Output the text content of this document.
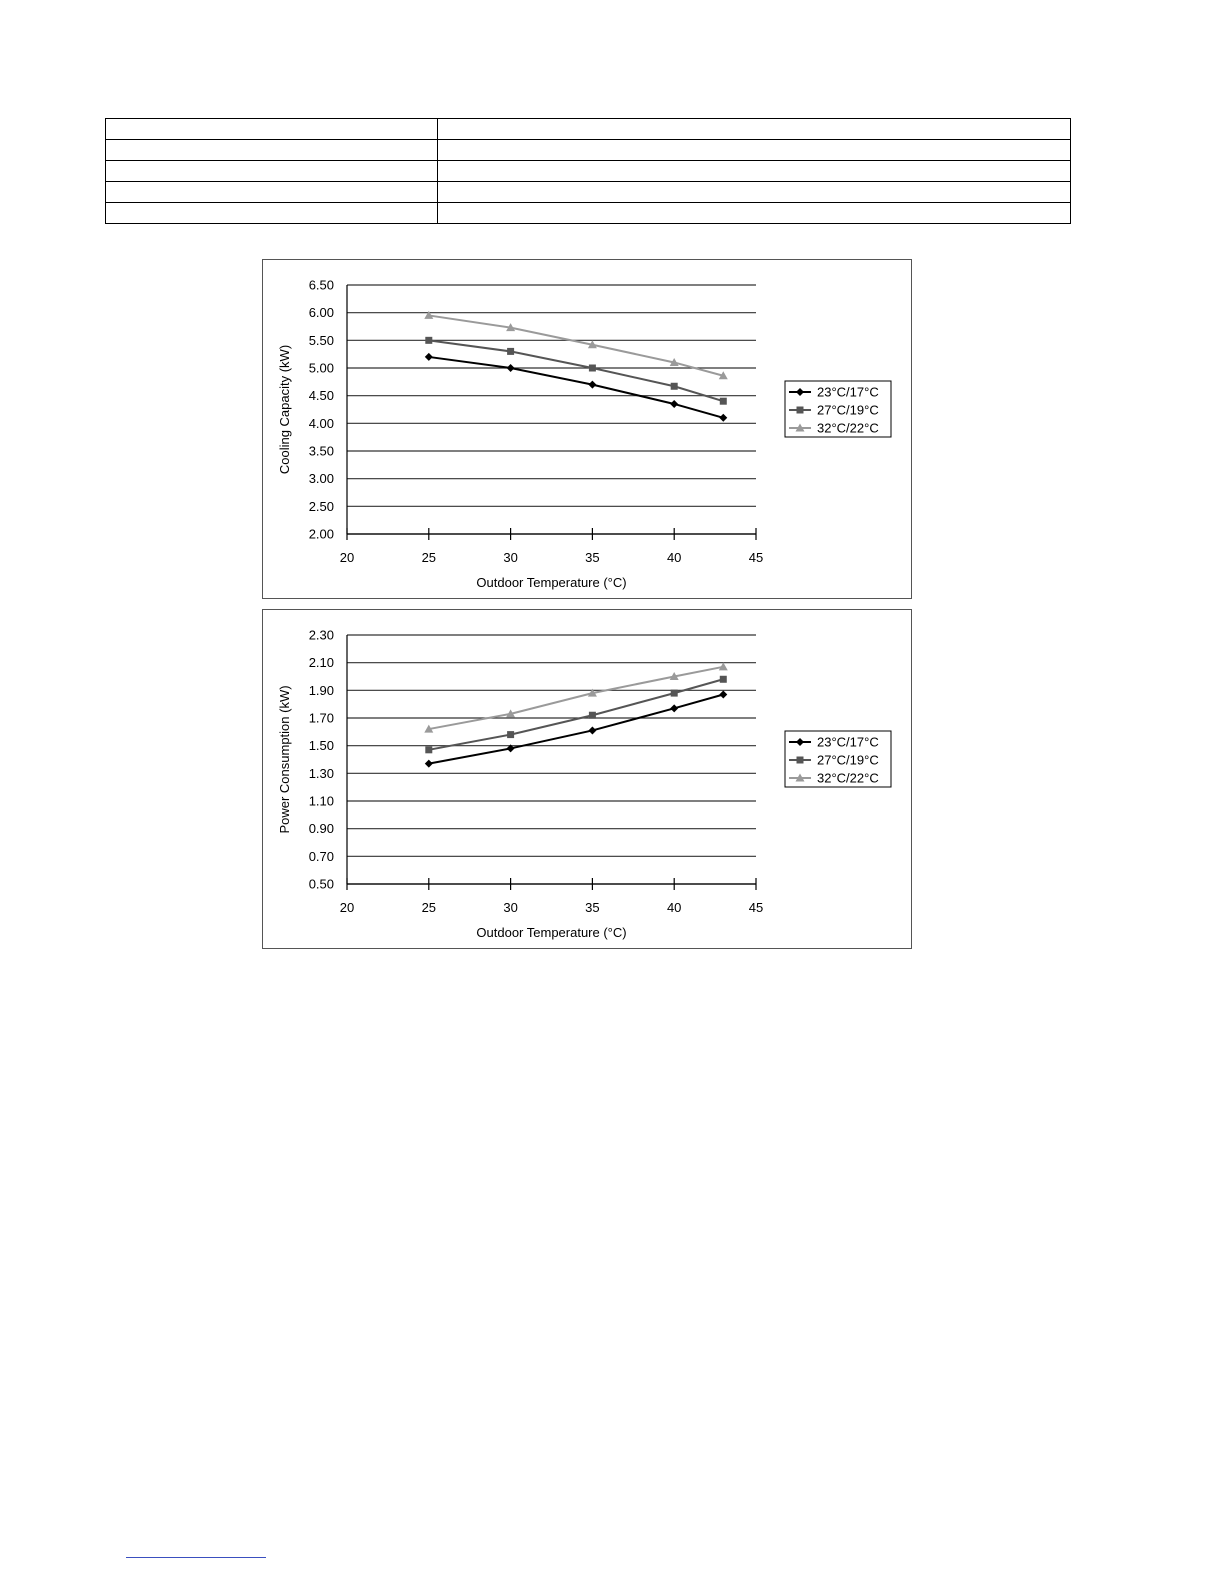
2.00
2.50
3.00
3.50
4.00
4.50
5.00
5.50
6.00
6.50
20	25	30	35	40	45
Outdoor Temperature (°C)
Cooling Capacity (kW)	23°C/17°C
27°C/19°C
32°C/22°C
0.50
0.70
0.90
1.10
1.30
1.50
1.70
1.90
2.10
2.30
20	25	30	35	40	45
Outdoor Temperature (°C)
Power Consumption (kW)	23°C/17°C
27°C/19°C
32°C/22°C
